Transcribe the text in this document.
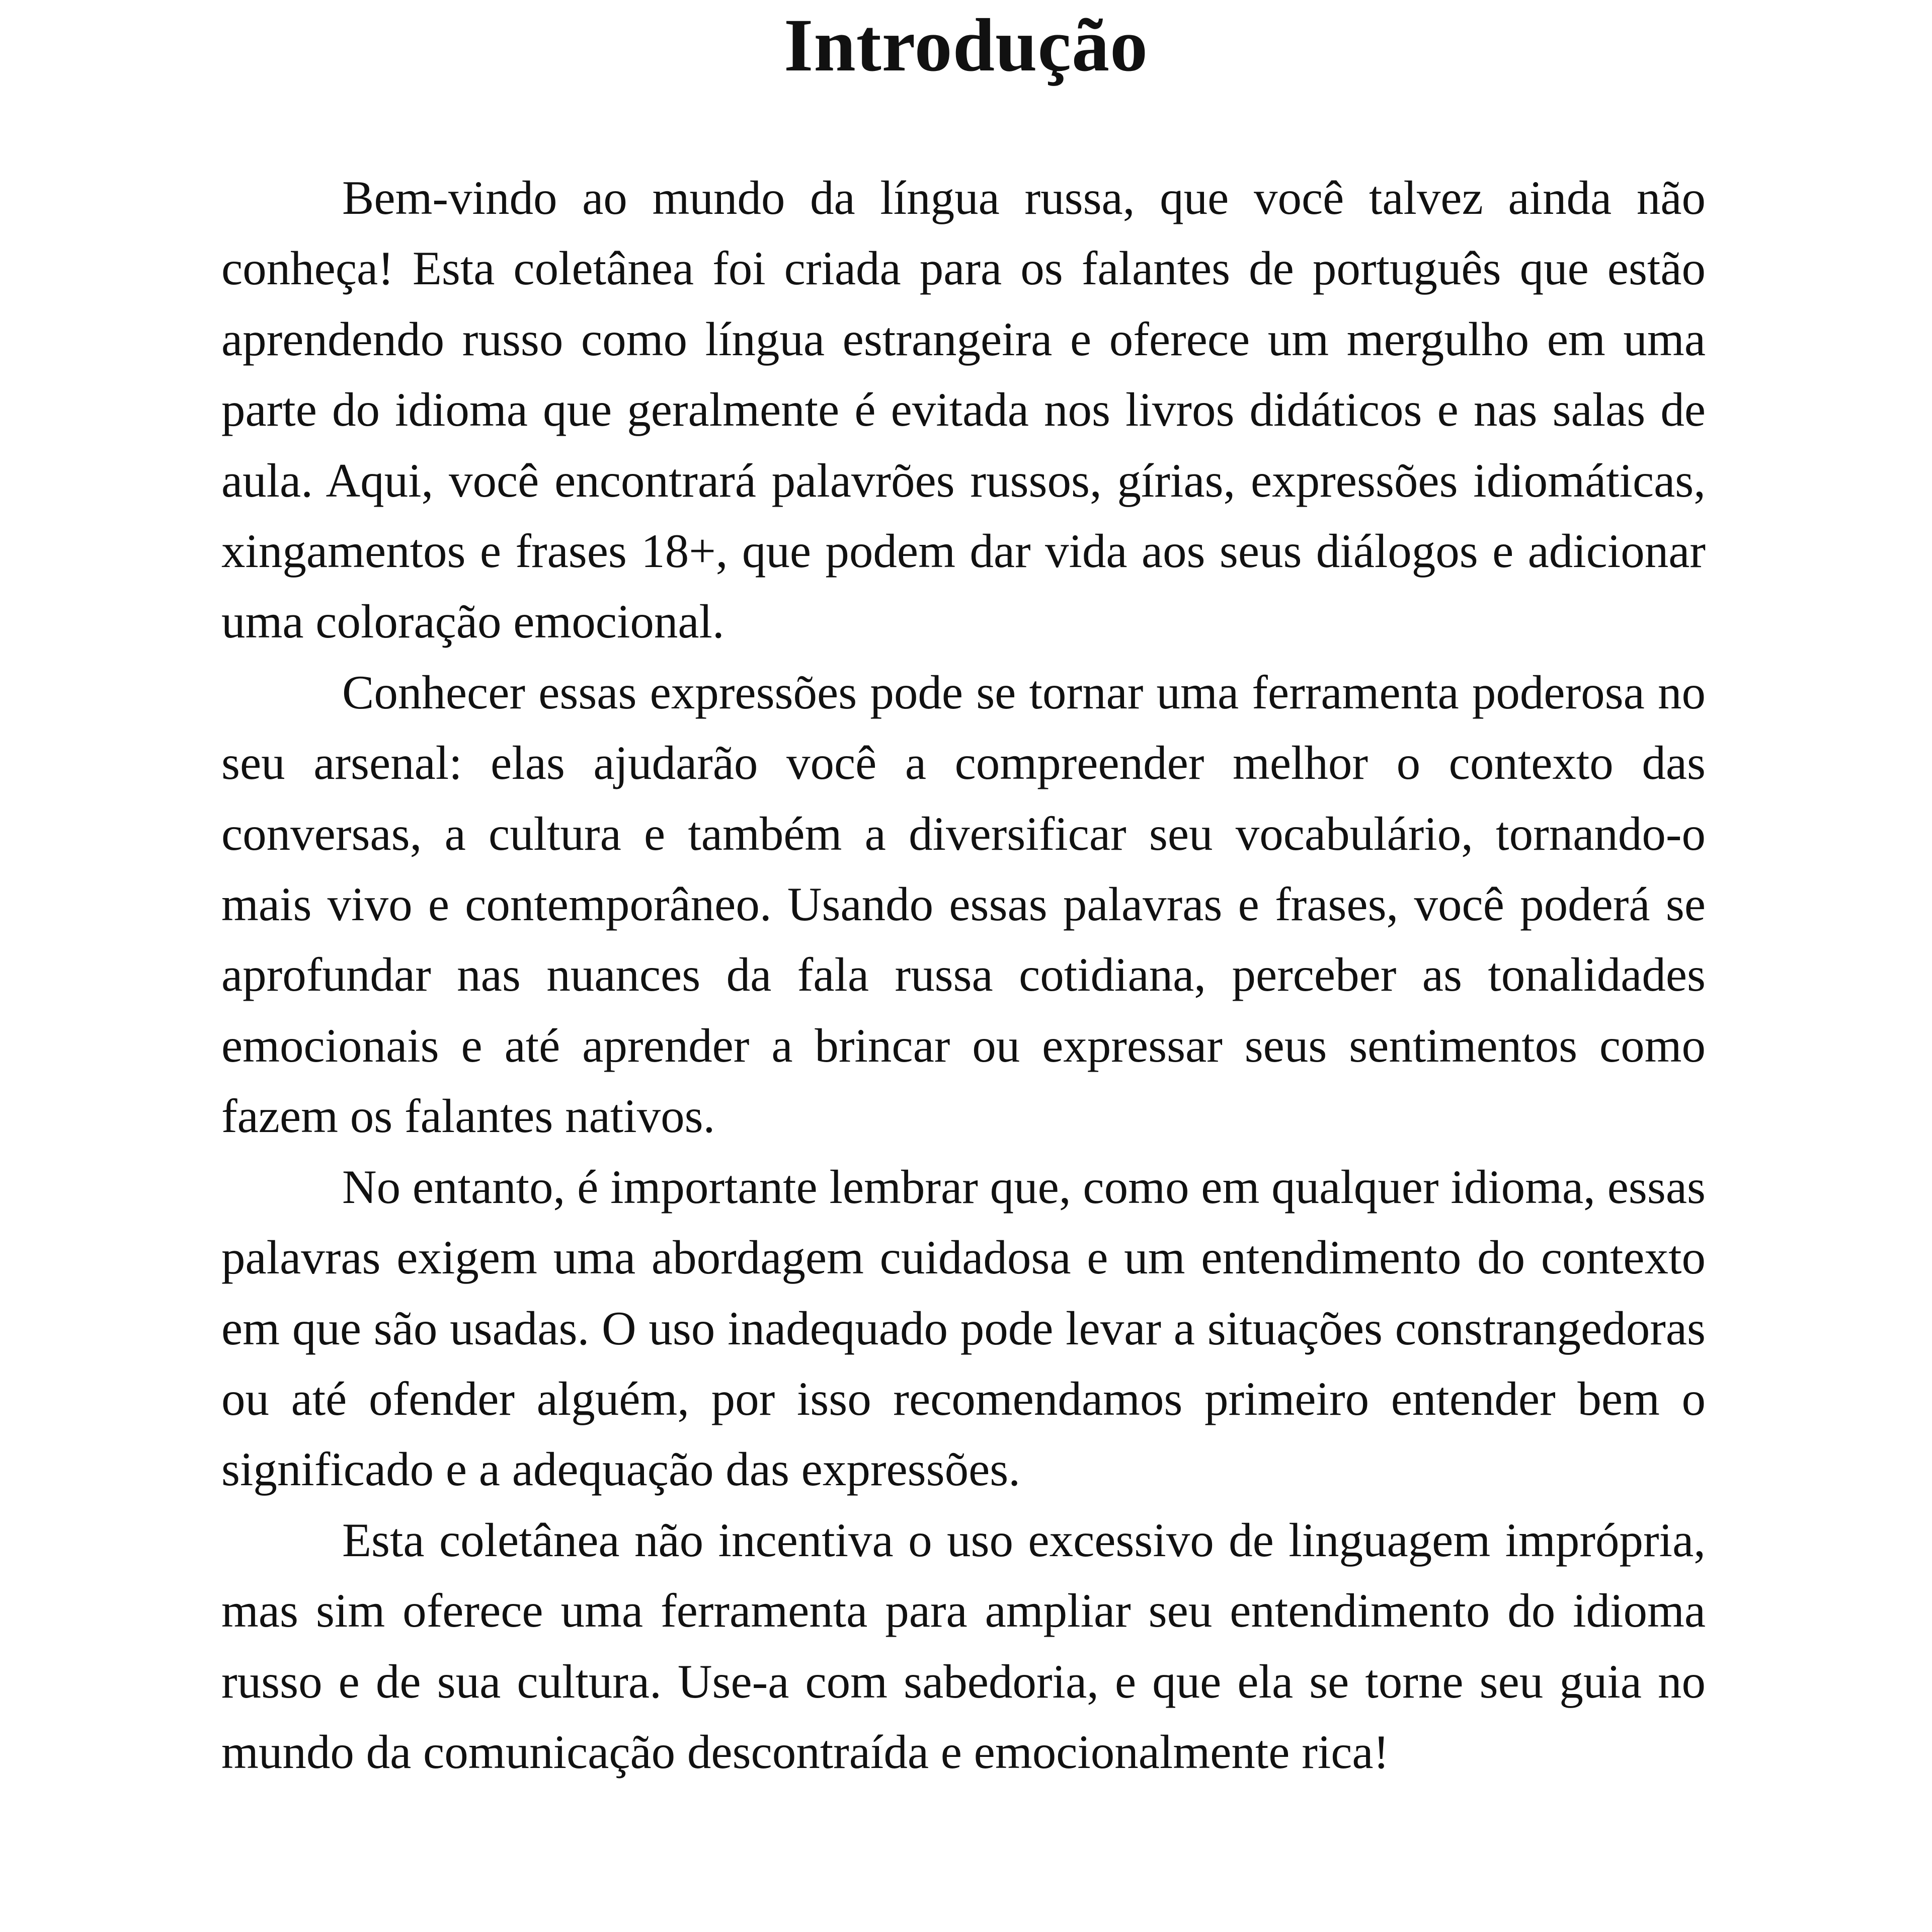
Introdução

Bem-vindo ao mundo da língua russa, que você talvez ainda não conheça! Esta coletânea foi criada para os falantes de português que estão aprendendo russo como língua estrangeira e oferece um mergulho em uma parte do idioma que geralmente é evitada nos livros didáticos e nas salas de aula. Aqui, você encontrará palavrões russos, gírias, expressões idiomáticas, xingamentos e frases 18+, que podem dar vida aos seus diálogos e adicionar uma coloração emocional.

Conhecer essas expressões pode se tornar uma ferramenta poderosa no seu arsenal: elas ajudarão você a compreender melhor o contexto das conversas, a cultura e também a diversificar seu vocabulário, tornando-o mais vivo e contemporâneo. Usando essas palavras e frases, você poderá se aprofundar nas nuances da fala russa cotidiana, perceber as tonalidades emocionais e até aprender a brincar ou expressar seus sentimentos como fazem os falantes nativos.

No entanto, é importante lembrar que, como em qualquer idioma, essas palavras exigem uma abordagem cuidadosa e um entendimento do contexto em que são usadas. O uso inadequado pode levar a situações constrangedoras ou até ofender alguém, por isso recomendamos primeiro entender bem o significado e a adequação das expressões.

Esta coletânea não incentiva o uso excessivo de linguagem imprópria, mas sim oferece uma ferramenta para ampliar seu entendimento do idioma russo e de sua cultura. Use-a com sabedoria, e que ela se torne seu guia no mundo da comunicação descontraída e emocionalmente rica!
